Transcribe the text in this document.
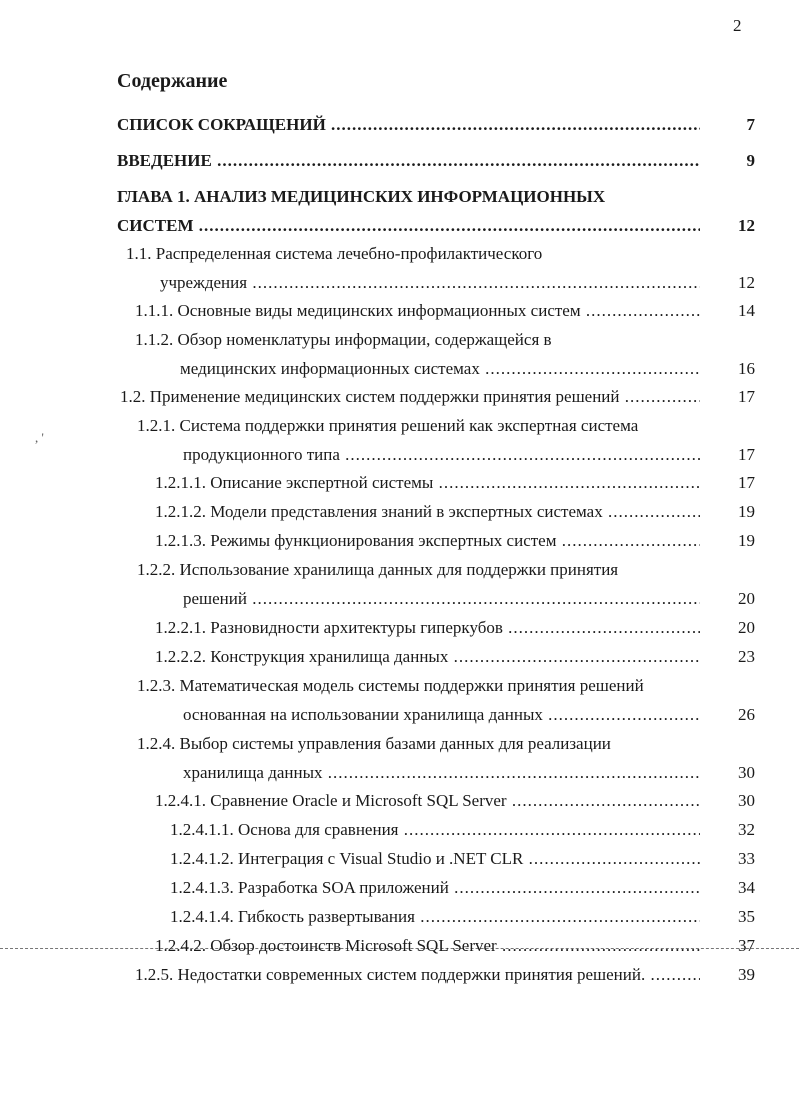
2
Содержание
, '
СПИСОК СОКРАЩЕНИЙ .....	7
ВВЕДЕНИЕ .....	9
ГЛАВА 1. АНАЛИЗ МЕДИЦИНСКИХ ИНФОРМАЦИОННЫХ
СИСТЕМ .....	12
1.1. Распределенная система лечебно-профилактического
учреждения .....	12
1.1.1. Основные виды медицинских информационных систем .....	14
1.1.2. Обзор номенклатуры информации, содержащейся в
медицинских информационных системах .....	16
1.2. Применение медицинских систем поддержки принятия решений .....	17
1.2.1. Система поддержки принятия решений как экспертная система
продукционного типа .....	17
1.2.1.1. Описание экспертной системы .....	17
1.2.1.2. Модели представления знаний в экспертных системах .....	19
1.2.1.3. Режимы функционирования экспертных систем .....	19
1.2.2. Использование хранилища данных для поддержки принятия
решений .....	20
1.2.2.1. Разновидности архитектуры гиперкубов .....	20
1.2.2.2. Конструкция хранилища данных .....	23
1.2.3. Математическая модель системы поддержки принятия решений
основанная на использовании хранилища данных .....	26
1.2.4. Выбор системы управления базами данных для реализации
хранилища данных .....	30
1.2.4.1. Сравнение Oracle и Microsoft SQL Server .....	30
1.2.4.1.1. Основа для сравнения .....	32
1.2.4.1.2. Интеграция с Visual Studio и .NET CLR .....	33
1.2.4.1.3. Разработка SOA приложений .....	34
1.2.4.1.4. Гибкость развертывания .....	35
1.2.4.2. Обзор достоинств Microsoft SQL Server .....	37
1.2.5. Недостатки современных систем поддержки принятия решений. .....	39
